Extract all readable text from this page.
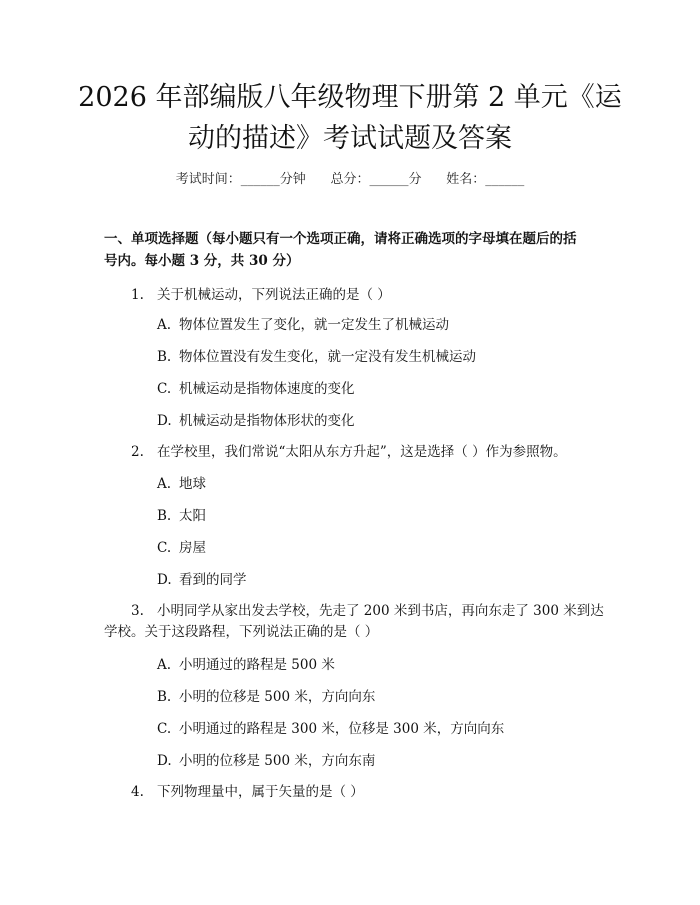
2026 年部编版八年级物理下册第 2 单元《运
动的描述》考试试题及答案
考试时间：______分钟      总分：______分      姓名：______
一、单项选择题（每小题只有一个选项正确，请将正确选项的字母填在题后的括
号内。每小题 3 分，共 30 分）
1. 关于机械运动，下列说法正确的是（ ）
A. 物体位置发生了变化，就一定发生了机械运动
B. 物体位置没有发生变化，就一定没有发生机械运动
C. 机械运动是指物体速度的变化
D. 机械运动是指物体形状的变化
2. 在学校里，我们常说“太阳从东方升起”，这是选择（ ）作为参照物。
A. 地球
B. 太阳
C. 房屋
D. 看到的同学
3. 小明同学从家出发去学校，先走了 200 米到书店，再向东走了 300 米到达
学校。关于这段路程，下列说法正确的是（ ）
A. 小明通过的路程是 500 米
B. 小明的位移是 500 米，方向向东
C. 小明通过的路程是 300 米，位移是 300 米，方向向东
D. 小明的位移是 500 米，方向东南
4. 下列物理量中，属于矢量的是（ ）
